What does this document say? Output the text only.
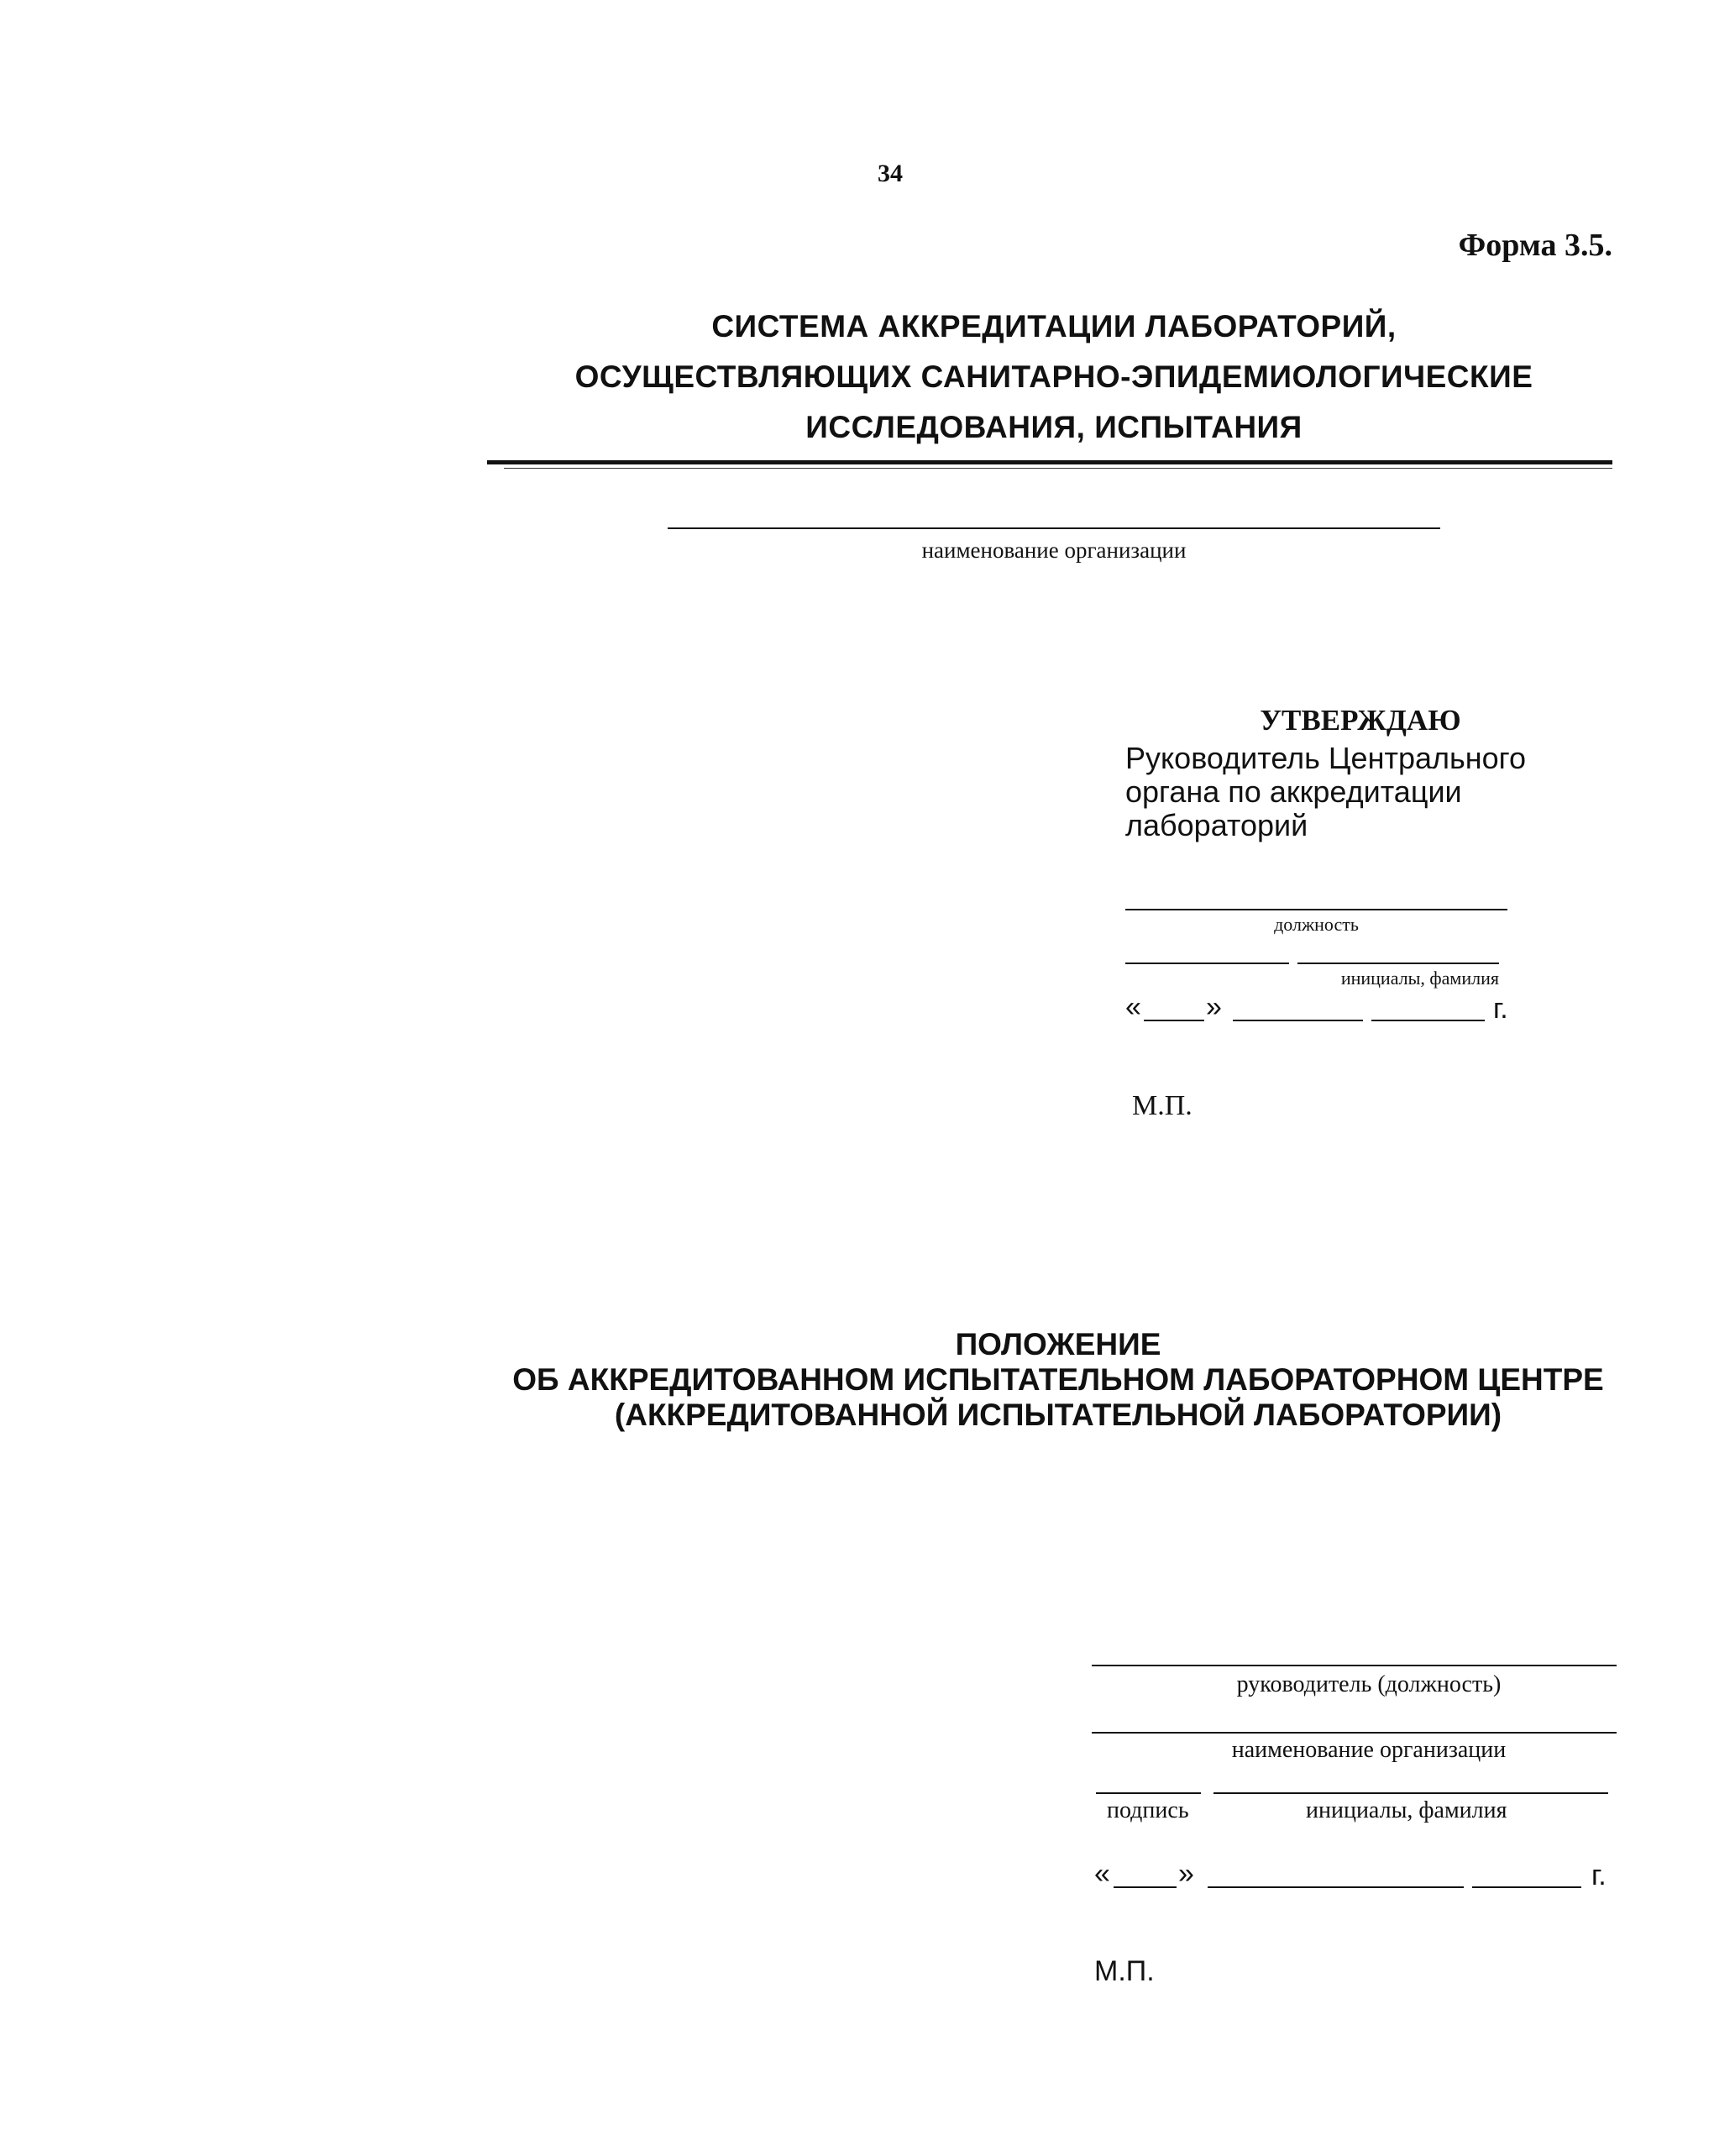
34
Форма 3.5.
СИСТЕМА АККРЕДИТАЦИИ ЛАБОРАТОРИЙ,
ОСУЩЕСТВЛЯЮЩИХ САНИТАРНО-ЭПИДЕМИОЛОГИЧЕСКИЕ
ИССЛЕДОВАНИЯ, ИСПЫТАНИЯ
наименование организации
УТВЕРЖДАЮ
Руководитель Центрального
органа по аккредитации
лабораторий
должность
инициалы, фамилия
« »	г.
М.П.
ПОЛОЖЕНИЕ
ОБ АККРЕДИТОВАННОМ ИСПЫТАТЕЛЬНОМ ЛАБОРАТОРНОМ ЦЕНТРЕ
(АККРЕДИТОВАННОЙ ИСПЫТАТЕЛЬНОЙ ЛАБОРАТОРИИ)
руководитель (должность)
наименование организации
подпись	инициалы, фамилия
« »	г.
М.П.
